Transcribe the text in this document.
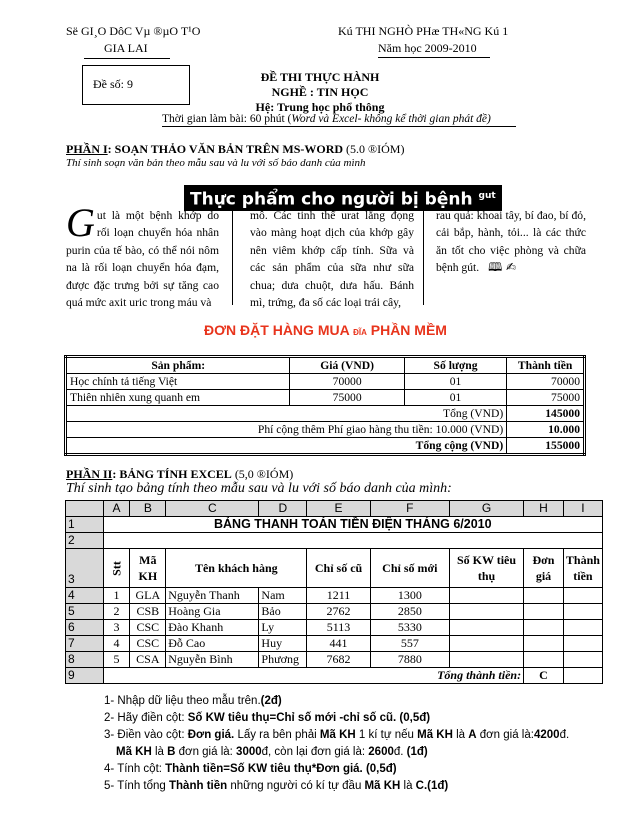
Së GI¸O DôC Vµ ®µO T¹O
GIA LAI
Kú THI NGHÒ PHæ TH«NG Kú 1
Năm học 2009-2010
Đề số: 9	ĐỀ THI THỰC HÀNH
NGHỀ : TIN HỌC
Hệ: Trung học phổ thông
Thời gian làm bài: 60 phút (Word và Excel- không kể thời gian phát đề)
PHẦN I: SOẠN THẢO VĂN BẢN TRÊN MS-WORD (5.0 ®IÓM)
Thí sinh soạn văn bản theo mẫu sau và lu với số báo danh của mình
Thực phẩm cho người bị bệnh $^{gut}$
Gut là một bệnh khớp do rối loạn chuyển hóa nhân purin của tế bào, có thể nói nôm na là rối loạn chuyển hóa đạm, được đặc trưng bởi sự tăng cao quá mức axit uric trong máu và
mô. Các tinh thể urat lắng đọng vào màng hoạt dịch của khớp gây nên viêm khớp cấp tính. Sữa và các sản phẩm của sữa như sữa chua; dưa chuột, dưa hấu. Bánh mì, trứng, đa số các loại trái cây,
rau quả: khoai tây, bí đao, bí đỏ, cải bắp, hành, tỏi... là các thức ăn tốt cho việc phòng và chữa bệnh gút. 🕮 ✍
ĐƠN ĐẶT HÀNG MUA ĐĨA PHẦN MỀM
Sản phẩm:	Giá (VND)	Số lượng	Thành tiền
Học chính tả tiếng Việt	70000	01	70000
Thiên nhiên xung quanh em	75000	01	75000
Tổng (VND)			145000
Phí cộng thêm Phí giao hàng thu tiền: 10.000 (VND)			10.000
Tổng cộng (VND)			155000
PHẦN II: BẢNG TÍNH EXCEL (5,0 ®IÓM)
Thí sinh tạo bảng tính theo mẫu sau và lu với số báo danh của mình:
	A	B	C	D	E	F	G	H	I
1	BẢNG THANH TOÁN TIỀN ĐIỆN THÁNG 6/2010								
2									
3	Stt	Mã KH	Tên khách hàng		Chỉ số cũ	Chỉ số mới	Số KW tiêu thụ	Đơn giá	Thành tiền
4	1	GLA	Nguyễn Thanh	Nam	1211	1300			
5	2	CSB	Hoàng Gia	Bảo	2762	2850			
6	3	CSC	Đào Khanh	Ly	5113	5330			
7	4	CSC	Đỗ Cao	Huy	441	557			
8	5	CSA	Nguyễn Bình	Phương	7682	7880			
9	Tổng thành tiền:							C	
1- Nhập dữ liệu theo mẫu trên.(2đ)
2- Hãy điền cột: Số KW tiêu thụ=Chỉ số mới -chỉ số cũ. (0,5đ)
3- Điền vào cột: Đơn giá. Lấy ra bên phải Mã KH 1 kí tự nếu Mã KH là A đơn giá là:4200đ.
Mã KH là B đơn giá là: 3000đ, còn lại đơn giá là: 2600đ. (1đ)
4- Tính cột: Thành tiền=Số KW tiêu thụ*Đơn giá. (0,5đ)
5- Tính tổng Thành tiền những người có kí tự đầu Mã KH là C.(1đ)
